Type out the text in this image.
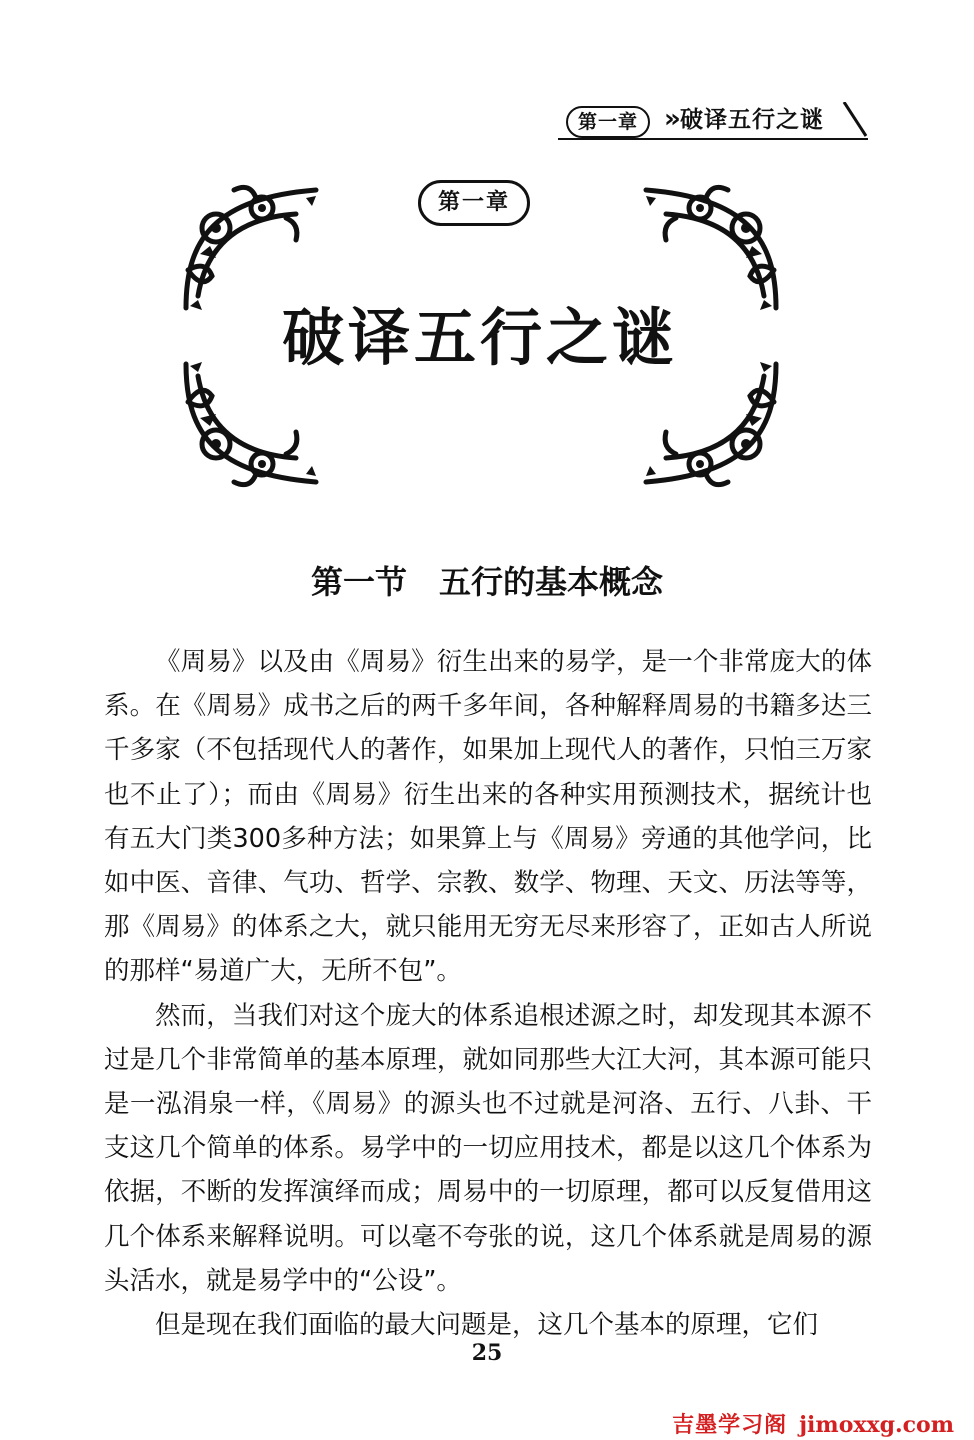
第一章 » 破译五行之谜
第一章
破译五行之谜
第一节　五行的基本概念

《周易》以及由《周易》衍生出来的易学，是一个非常庞大的体系。在《周易》成书之后的两千多年间，各种解释周易的书籍多达三千多家（不包括现代人的著作，如果加上现代人的著作，只怕三万家也不止了）；而由《周易》衍生出来的各种实用预测技术，据统计也有五大门类300多种方法；如果算上与《周易》旁通的其他学问，比如中医、音律、气功、哲学、宗教、数学、物理、天文、历法等等，那《周易》的体系之大，就只能用无穷无尽来形容了，正如古人所说的那样“易道广大，无所不包”。

然而，当我们对这个庞大的体系追根述源之时，却发现其本源不过是几个非常简单的基本原理，就如同那些大江大河，其本源可能只是一泓涓泉一样，《周易》的源头也不过就是河洛、五行、八卦、干支这几个简单的体系。易学中的一切应用技术，都是以这几个体系为依据，不断的发挥演绎而成；周易中的一切原理，都可以反复借用这几个体系来解释说明。可以毫不夸张的说，这几个体系就是周易的源头活水，就是易学中的“公设”。

但是现在我们面临的最大问题是，这几个基本的原理，它们

25
吉墨学习阁 jimoxxg.com
